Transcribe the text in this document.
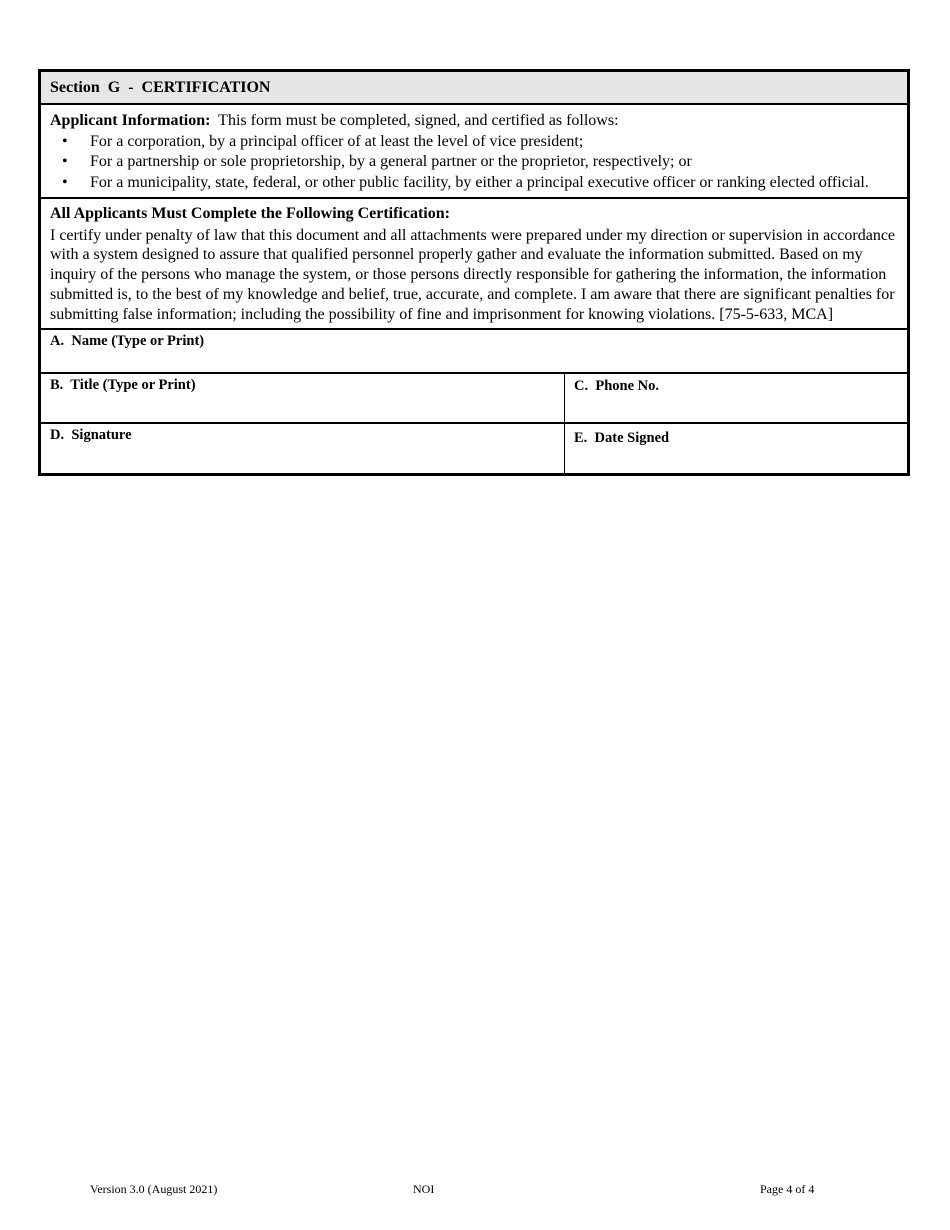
Section  G  -  CERTIFICATION
Applicant Information:  This form must be completed, signed, and certified as follows:
• For a corporation, by a principal officer of at least the level of vice president;
• For a partnership or sole proprietorship, by a general partner or the proprietor, respectively; or
• For a municipality, state, federal, or other public facility, by either a principal executive officer or ranking elected official.
All Applicants Must Complete the Following Certification:
I certify under penalty of law that this document and all attachments were prepared under my direction or supervision in accordance with a system designed to assure that qualified personnel properly gather and evaluate the information submitted. Based on my inquiry of the persons who manage the system, or those persons directly responsible for gathering the information, the information submitted is, to the best of my knowledge and belief, true, accurate, and complete. I am aware that there are significant penalties for submitting false information; including the possibility of fine and imprisonment for knowing violations. [75-5-633, MCA]
A.  Name (Type or Print)
B.  Title (Type or Print)	C.  Phone No.
D.  Signature	E.  Date Signed
Version 3.0 (August 2021)	NOI	Page 4 of 4
